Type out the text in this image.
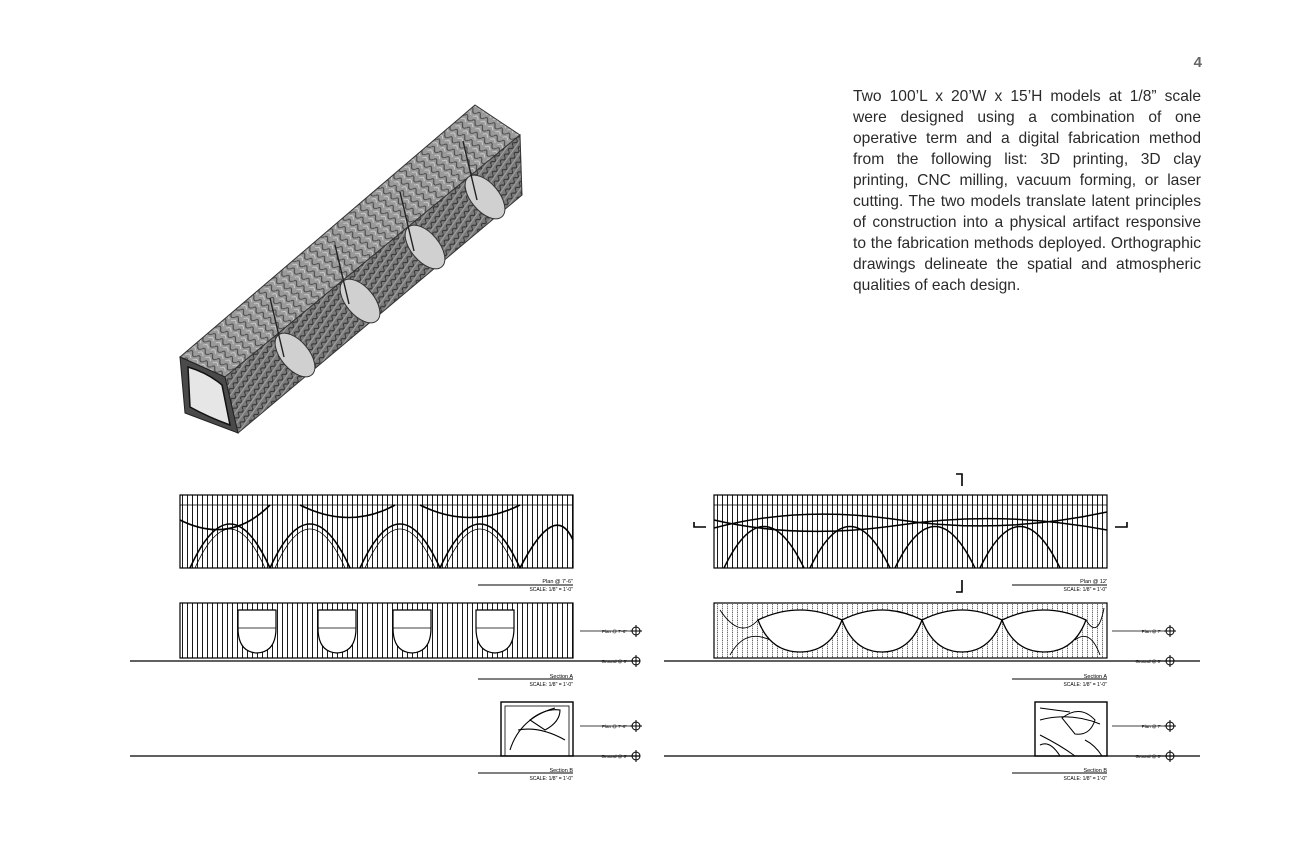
4
Two 100’L x 20’W x 15’H models at 1/8” scale were designed using a combination of one operative term and a digital fabrication method from the following list: 3D printing, 3D clay printing, CNC milling, vacuum forming, or laser cutting. The two models translate latent principles of construction into a physical artifact responsive to the fabrication methods deployed. Orthographic drawings delineate the spatial and atmospheric qualities of each design.
Plan @ 7'-6"
SCALE: 1/8" = 1'-0"
Plan @ 7'-6"
Ground @ 0'
Section A
SCALE: 1/8" = 1'-0"
Plan @ 7'-6"
Ground @ 0'
Section B
SCALE: 1/8" = 1'-0"
Plan @ 12'
SCALE: 1/8" = 1'-0"
Plan @ 7'
Ground @ 0'
Section A
SCALE: 1/8" = 1'-0"
Plan @ 7'
Ground @ 0'
Section B
SCALE: 1/8" = 1'-0"
